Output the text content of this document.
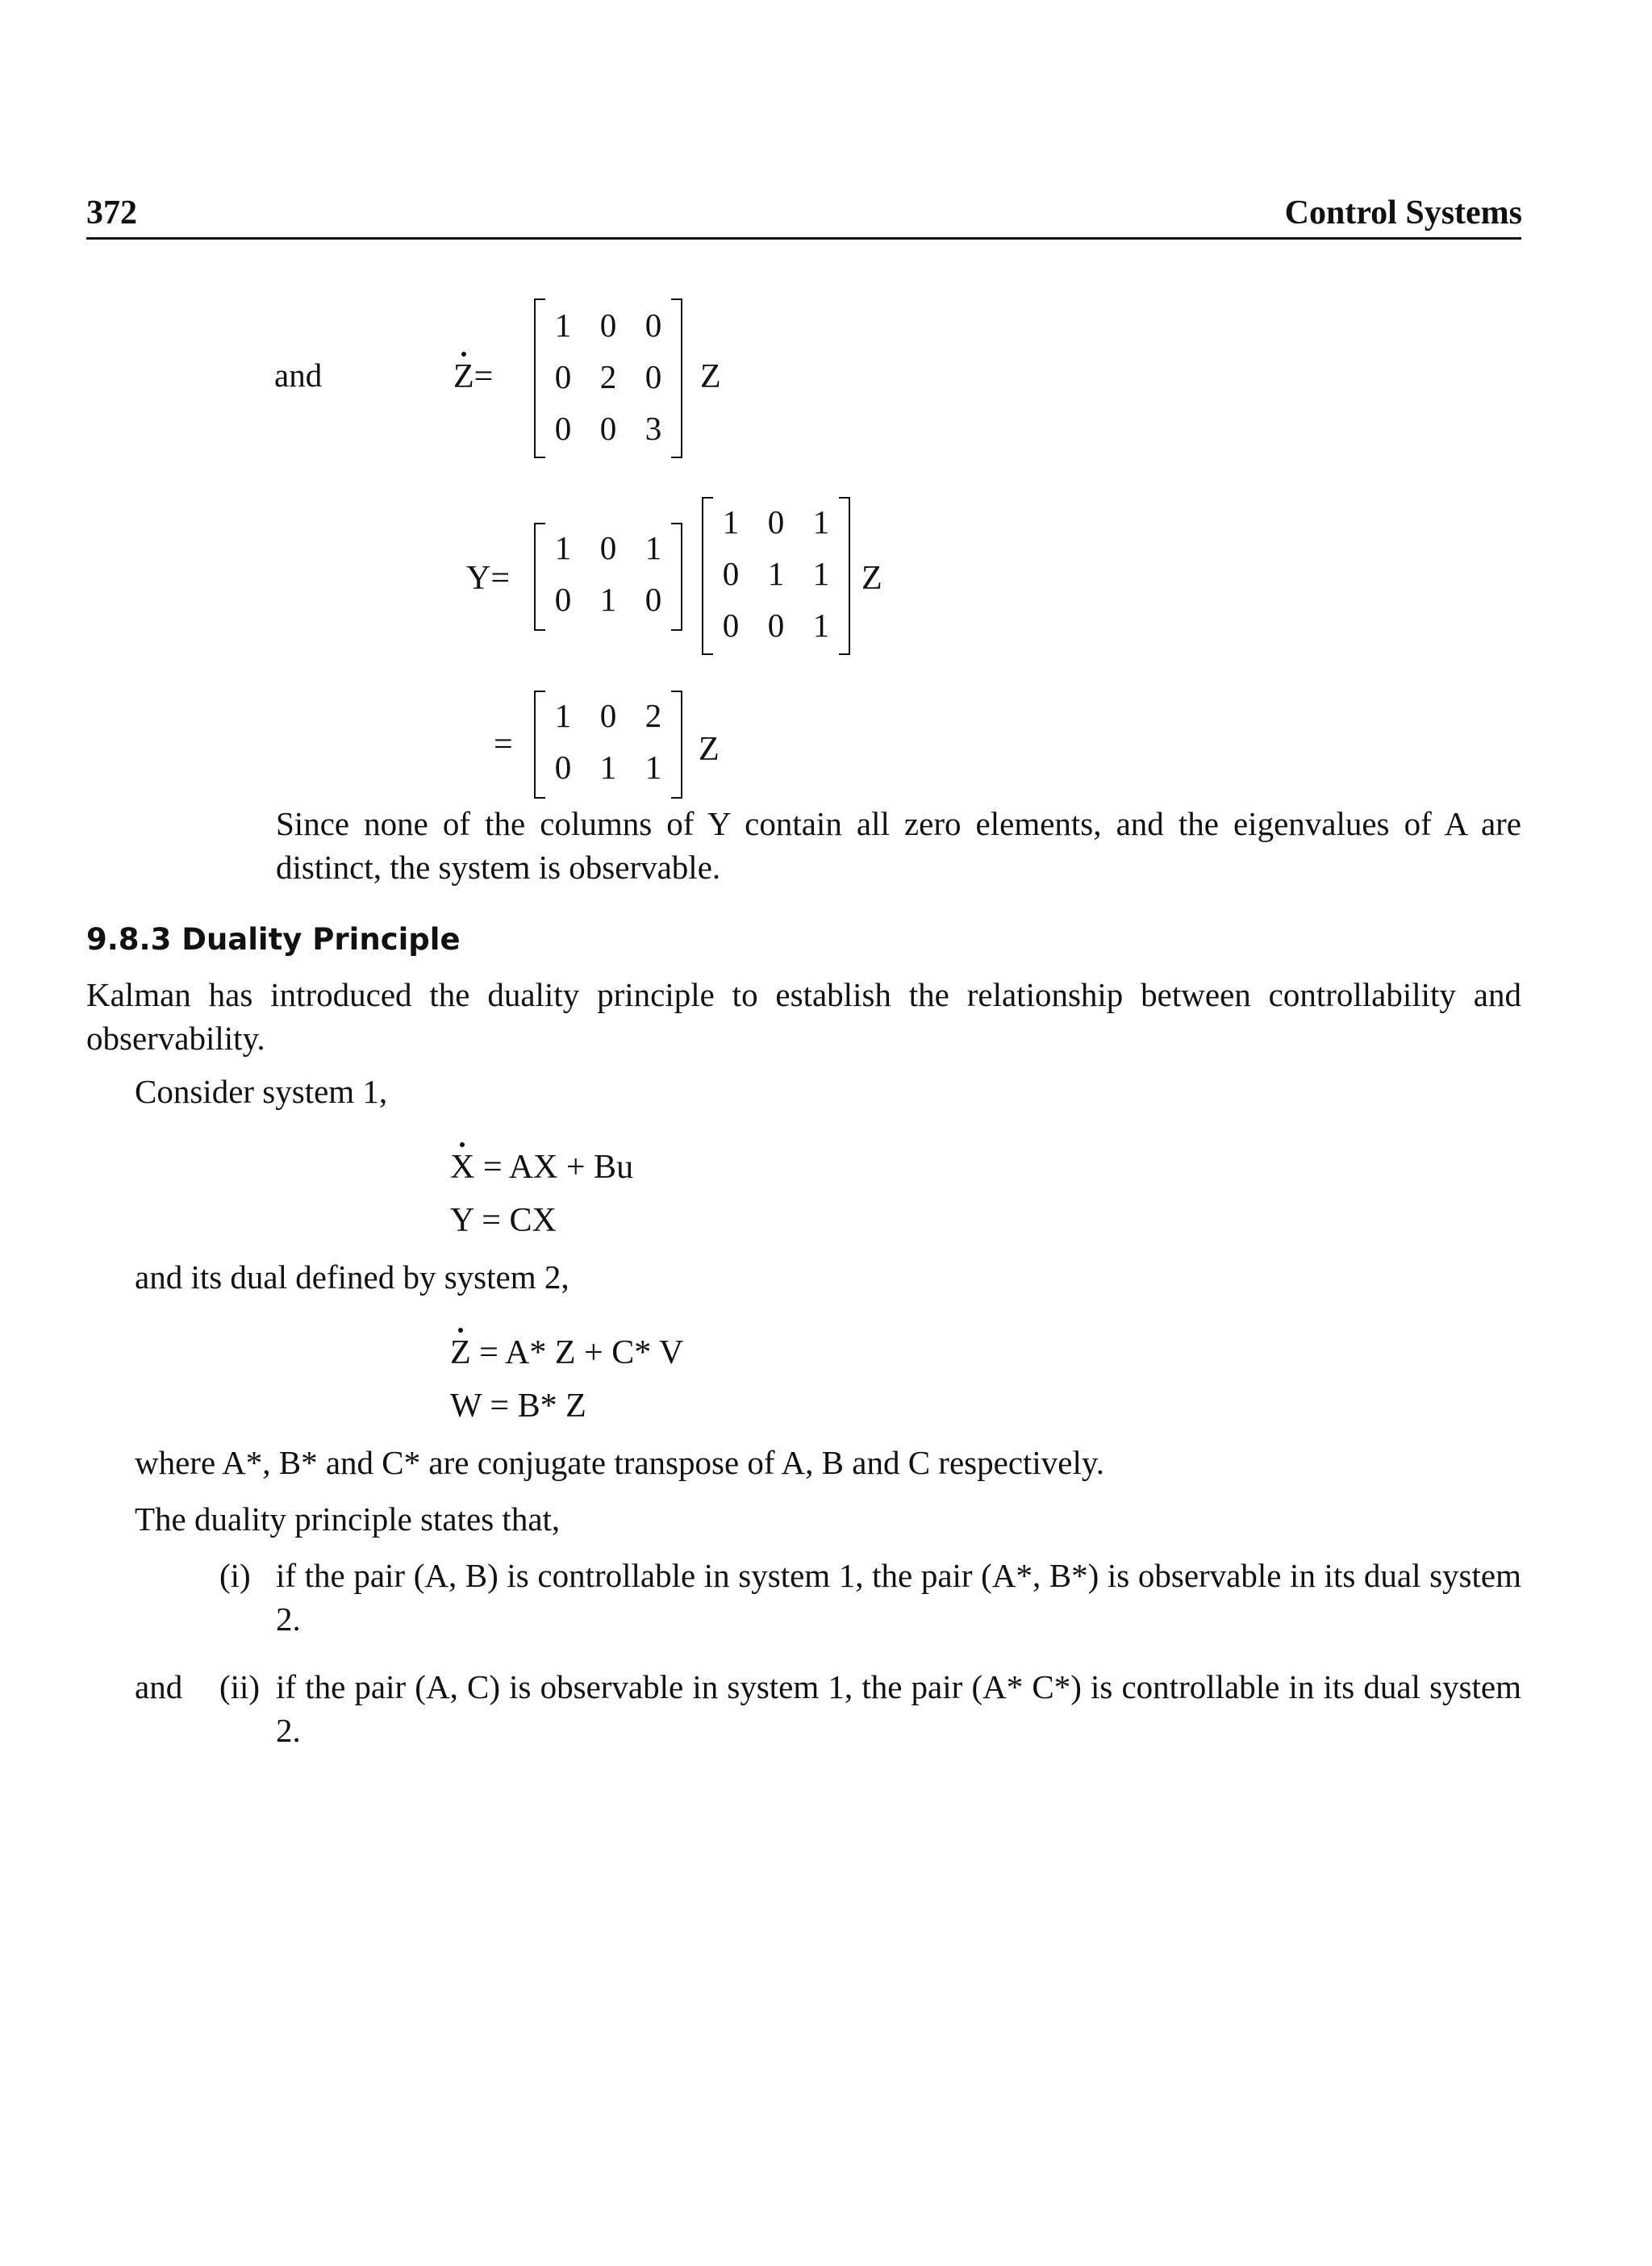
372	Control Systems
and	Z=
1 0 0
0 2 0
0 0 3
Z
Y=
1 0 1
0 1 0
1 0 1
0 1 1
0 0 1
Z
=
1 0 2
0 1 1 Z
Since none of the columns of Y contain all zero elements, and the eigenvalues of A are distinct, the system is observable.
9.8.3 Duality Principle
Kalman has introduced the duality principle to establish the relationship between controllability and observability.
Consider system 1,
X = AX + Bu
Y = CX
and its dual defined by system 2,
Z = A* Z + C* V
W = B* Z
where A*, B* and C* are conjugate transpose of A, B and C respectively.
The duality principle states that,
and
(i) if the pair (A, B) is controllable in system 1, the pair (A*, B*) is observable in its dual system 2.
(ii) if the pair (A, C) is observable in system 1, the pair (A* C*) is controllable in its dual system 2.
